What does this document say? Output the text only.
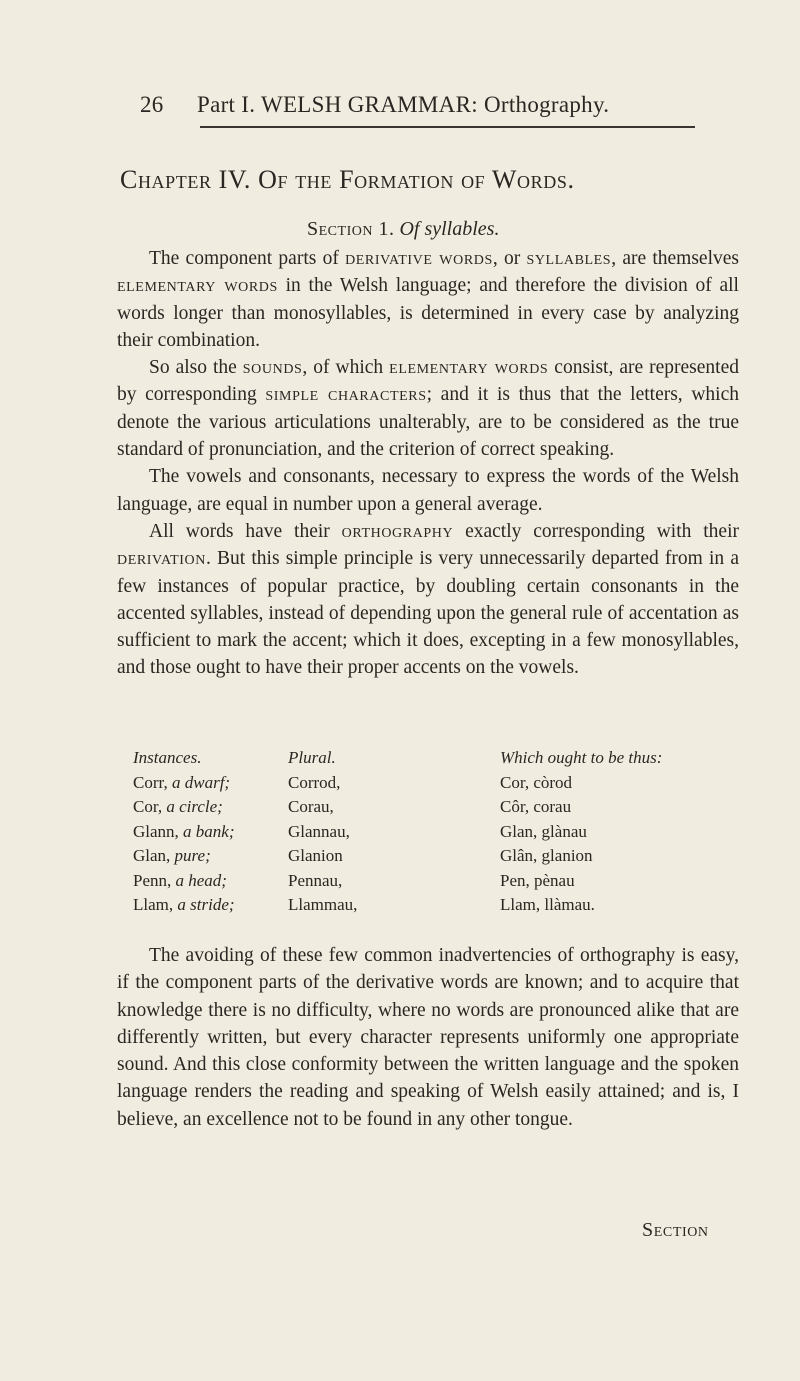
26 Part I. WELSH GRAMMAR: Orthography.
Chapter IV. Of the Formation of Words.
Section 1. Of syllables.

The component parts of derivative words, or syllables, are themselves elementary words in the Welsh language; and therefore the division of all words longer than monosyllables, is determined in every case by analyzing their combination.

So also the sounds, of which elementary words consist, are represented by corresponding simple characters; and it is thus that the letters, which denote the various articulations unalterably, are to be considered as the true standard of pronunciation, and the criterion of correct speaking.

The vowels and consonants, necessary to express the words of the Welsh language, are equal in number upon a general average.

All words have their orthography exactly corresponding with their derivation. But this simple principle is very unnecessarily departed from in a few instances of popular practice, by doubling certain consonants in the accented syllables, instead of depending upon the general rule of accentation as sufficient to mark the accent; which it does, excepting in a few monosyllables, and those ought to have their proper accents on the vowels.

Instances.	Plural.	Which ought to be thus:
Corr, a dwarf;	Corrod,	Cor, còrod
Cor, a circle;	Corau,	Côr, corau
Glann, a bank;	Glannau,	Glan, glànau
Glan, pure;	Glanion	Glân, glanion
Penn, a head;	Pennau,	Pen, pènau
Llam, a stride;	Llammau,	Llam, llàmau.

The avoiding of these few common inadvertencies of orthography is easy, if the component parts of the derivative words are known; and to acquire that knowledge there is no difficulty, where no words are pronounced alike that are differently written, but every character represents uniformly one appropriate sound. And this close conformity between the written language and the spoken language renders the reading and speaking of Welsh easily attained; and is, I believe, an excellence not to be found in any other tongue.

Section
